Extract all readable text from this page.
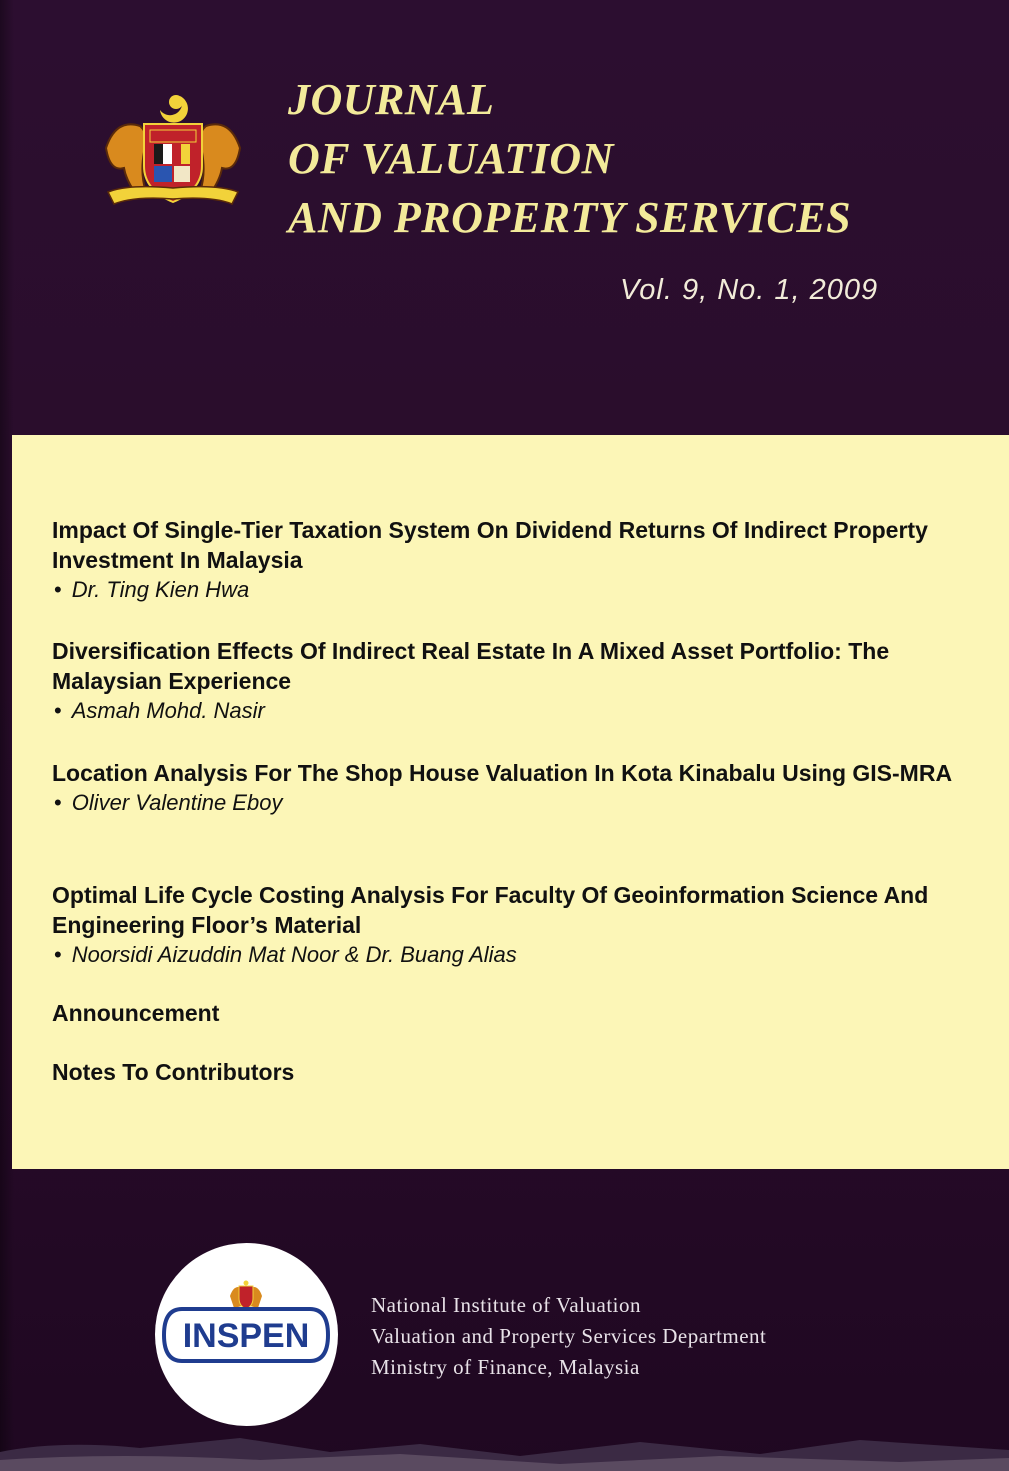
JOURNAL
OF VALUATION
AND PROPERTY SERVICES
Vol. 9, No. 1, 2009
Impact Of Single-Tier Taxation System On Dividend Returns Of Indirect Property Investment In Malaysia
• Dr. Ting Kien Hwa
Diversification Effects Of Indirect Real Estate In A Mixed Asset Portfolio: The Malaysian Experience
• Asmah Mohd. Nasir
Location Analysis For The Shop House Valuation In Kota Kinabalu Using GIS-MRA
• Oliver Valentine Eboy
Optimal Life Cycle Costing Analysis For Faculty Of Geoinformation Science And Engineering Floor’s Material
• Noorsidi Aizuddin Mat Noor & Dr. Buang Alias
Announcement
Notes To Contributors
INSPEN
National Institute of Valuation
Valuation and Property Services Department
Ministry of Finance, Malaysia
